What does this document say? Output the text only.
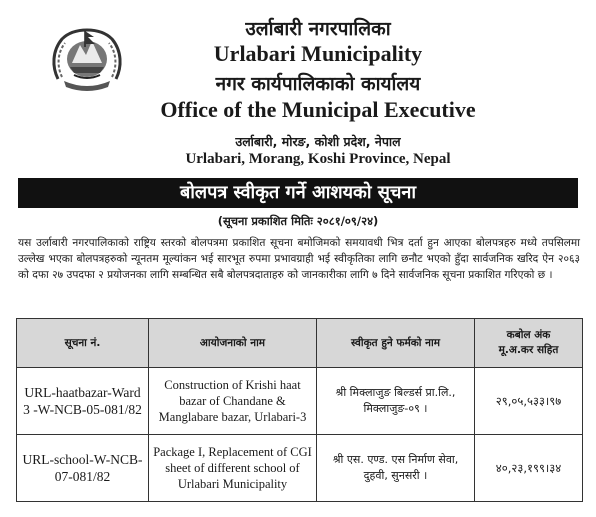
उर्लाबारी नगरपालिका
Urlabari Municipality
नगर कार्यपालिकाको कार्यालय
Office of the Municipal Executive
उर्लाबारी, मोरङ, कोशी प्रदेश, नेपाल
Urlabari, Morang, Koshi Province, Nepal
बोलपत्र स्वीकृत गर्ने आशयको सूचना
(सूचना प्रकाशित मितिः २०८१/०९/२४)
यस उर्लाबारी नगरपालिकाको राष्ट्रिय स्तरको बोलपत्रमा प्रकाशित सूचना बमोजिमको समयावधी भित्र दर्ता हुन आएका बोलपत्रहरु मध्ये तपसिलमा उल्लेख भएका बोलपत्रहरुको न्यूनतम मूल्यांकन भई सारभूत रुपमा प्रभावग्राही भई स्वीकृतिका लागि छनौट भएको हुँदा सार्वजनिक खरिद ऐन २०६३ को दफा २७ उपदफा २ प्रयोजनका लागि सम्बन्धित सबै बोलपत्रदाताहरु को जानकारीका लागि ७ दिने सार्वजनिक सूचना प्रकाशित गरिएको छ ।
सूचना नं.	आयोजनाको नाम	स्वीकृत हुने फर्मको नाम	कबोल अंक
मू.अ.कर सहित

URL-haatbazar-Ward 3 -W-NCB-05-081/82	Construction of Krishi haat bazar of Chandane & Manglabare bazar, Urlabari-3	श्री मिक्लाजुङ बिल्डर्स प्रा.लि., मिक्लाजुङ-०९ ।	२९,०५,५३३।९७
URL-school-W-NCB-07-081/82	Package I, Replacement of CGI sheet of different school of Urlabari Municipality	श्री एस. एण्ड. एस निर्माण सेवा, दुहवी, सुनसरी ।	४०,२३,१९९।३४
